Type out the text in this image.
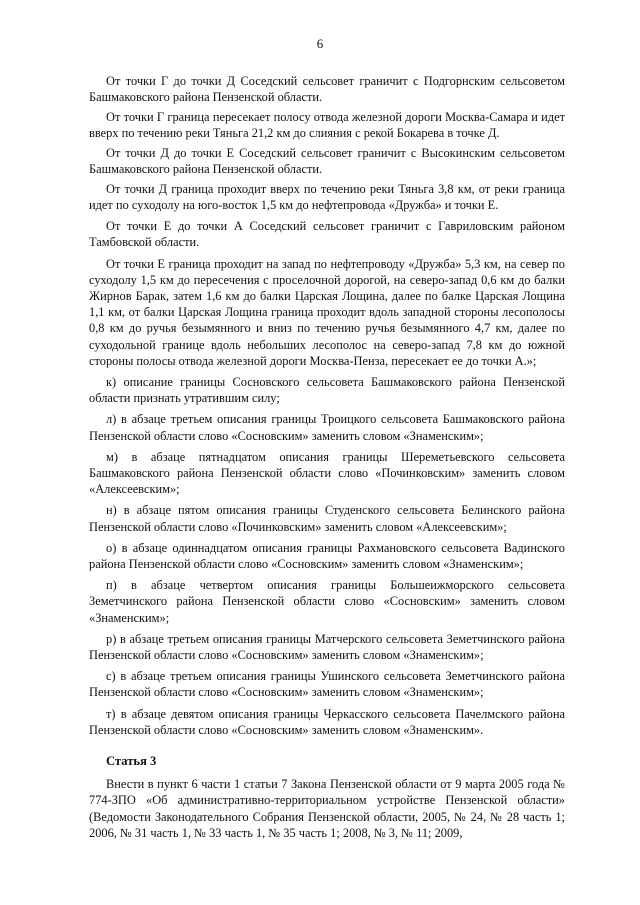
6

От точки Г до точки Д Соседский сельсовет граничит с Подгорнским сельсоветом Башмаковского района Пензенской области.

От точки Г граница пересекает полосу отвода железной дороги Москва-Самара и идет вверх по течению реки Тяньга 21,2 км до слияния с рекой Бокарева в точке Д.

От точки Д до точки Е Соседский сельсовет граничит с Высокинским сельсоветом Башмаковского района Пензенской области.

От точки Д граница проходит вверх по течению реки Тяньга 3,8 км, от реки граница идет по суходолу на юго-восток 1,5 км до нефтепровода «Дружба» и точки Е.

От точки Е до точки А Соседский сельсовет граничит с Гавриловским районом Тамбовской области.

От точки Е граница проходит на запад по нефтепроводу «Дружба» 5,3 км, на север по суходолу 1,5 км до пересечения с проселочной дорогой, на северо-запад 0,6 км до балки Жирнов Барак, затем 1,6 км до балки Царская Лощина, далее по балке Царская Лощина 1,1 км, от балки Царская Лощина граница проходит вдоль западной стороны лесополосы 0,8 км до ручья безымянного и вниз по течению ручья безымянного 4,7 км, далее по суходольной границе вдоль небольших лесополос на северо-запад 7,8 км до южной стороны полосы отвода железной дороги Москва-Пенза, пересекает ее до точки А.»;

к) описание границы Сосновского сельсовета Башмаковского района Пензенской области признать утратившим силу;

л) в абзаце третьем описания границы Троицкого сельсовета Башмаковского района Пензенской области слово «Сосновским» заменить словом «Знаменским»;

м) в абзаце пятнадцатом описания границы Шереметьевского сельсовета Башмаковского района Пензенской области слово «Починковским» заменить словом «Алексеевским»;

н) в абзаце пятом описания границы Студенского сельсовета Белинского района Пензенской области слово «Починковским» заменить словом «Алексеевским»;

о) в абзаце одиннадцатом описания границы Рахмановского сельсовета Вадинского района Пензенской области слово «Сосновским» заменить словом «Знаменским»;

п) в абзаце четвертом описания границы Большеижморского сельсовета Земетчинского района Пензенской области слово «Сосновским» заменить словом «Знаменским»;

р) в абзаце третьем описания границы Матчерского сельсовета Земетчинского района Пензенской области слово «Сосновским» заменить словом «Знаменским»;

с) в абзаце третьем описания границы Ушинского сельсовета Земетчинского района Пензенской области слово «Сосновским» заменить словом «Знаменским»;

т) в абзаце девятом описания границы Черкасского сельсовета Пачелмского района Пензенской области слово «Сосновским» заменить словом «Знаменским».

Статья 3

Внести в пункт 6 части 1 статьи 7 Закона Пензенской области от 9 марта 2005 года № 774-ЗПО «Об административно-территориальном устройстве Пензенской области» (Ведомости Законодательного Собрания Пензенской области, 2005, № 24, № 28 часть 1; 2006, № 31 часть 1, № 33 часть 1, № 35 часть 1; 2008, № 3, № 11; 2009,
